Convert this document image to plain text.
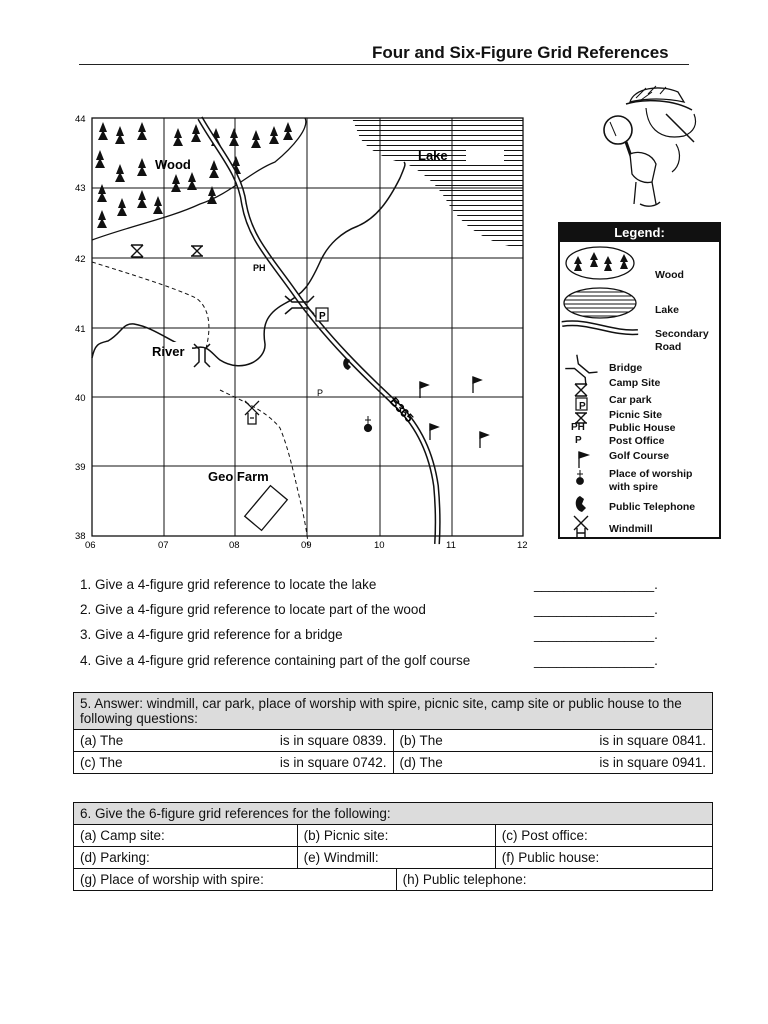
Four and Six-Figure Grid References
Lake
Wood
River
B365
Geo Farm
44
43
42
41
40
39
38
06	07	08	09	10	11	12
PH
P
P
Legend:
P
PH
P
Wood
Lake
Secondary
Road
Bridge
Camp Site
Car park
Picnic Site
Public House
Post Office
Golf Course
Place of worship
with spire
Public Telephone
Windmill
1. Give a 4-figure grid reference to locate the lake	________________.
2. Give a 4-figure grid reference to locate part of the wood	________________.
3. Give a 4-figure grid reference for a bridge	________________.
4. Give a 4-figure grid reference containing part of the golf course	________________.
5. Answer: windmill, car park, place of worship with spire, picnic site, camp site or public house to the following questions:	

(a) The is in square 0839.	(b) The is in square 0841.

(c) The is in square 0742.	(d) The is in square 0941.
6. Give the 6-figure grid references for the following:			
(a) Camp site:	(b) Picnic site:		(c) Post office:
(d) Parking:	(e) Windmill:		(f) Public house:
(g) Place of worship with spire:		(h) Public telephone:	
